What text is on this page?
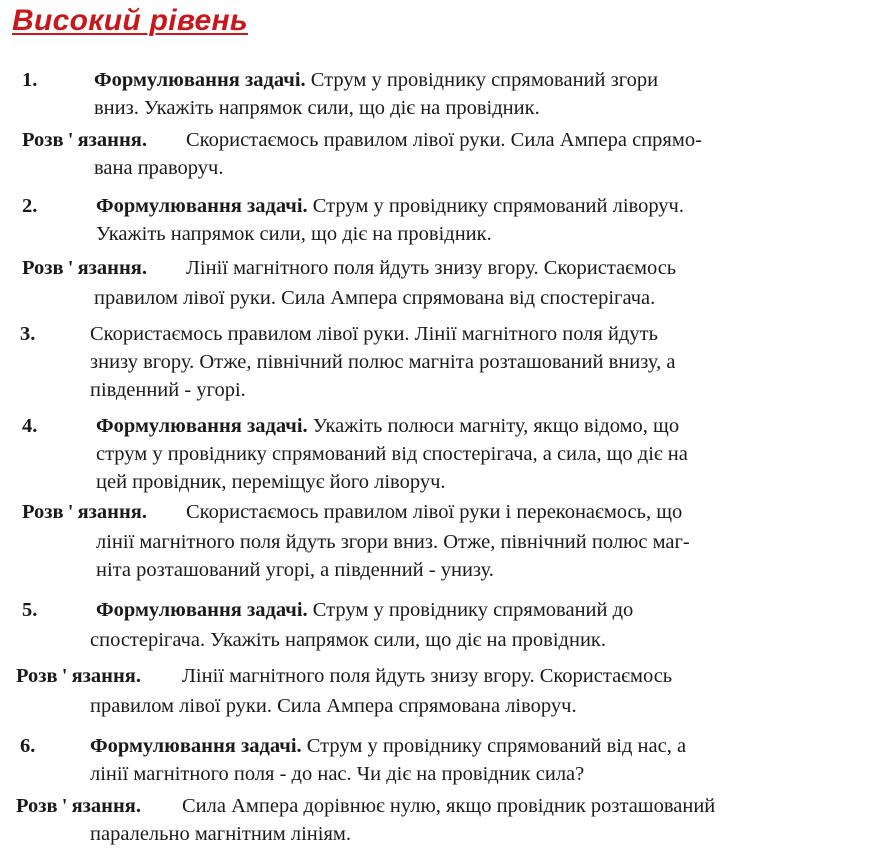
Високий рівень
1.	Формулювання задачі. Струм у провіднику спрямований згори
вниз. Укажіть напрямок сили, що діє на провідник.
Розв ' язання. Скористаємось правилом лівої руки. Сила Ампера спрямо-
вана праворуч.
2.	Формулювання задачі. Струм у провіднику спрямований ліворуч.
Укажіть напрямок сили, що діє на провідник.
Розв ' язання. Лінії магнітного поля йдуть знизу вгору. Скористаємось
правилом лівої руки. Сила Ампера спрямована від спостерігача.
3.	Скористаємось правилом лівої руки. Лінії магнітного поля йдуть
знизу вгору. Отже, північний полюс магніта розташований внизу, а
південний - угорі.
4.	Формулювання задачі. Укажіть полюси магніту, якщо відомо, що
струм у провіднику спрямований від спостерігача, а сила, що діє на
цей провідник, переміщує його ліворуч.
Розв ' язання. Скористаємось правилом лівої руки і переконаємось, що
лінії магнітного поля йдуть згори вниз. Отже, північний полюс маг-
ніта розташований угорі, а південний - унизу.
5.	Формулювання задачі. Струм у провіднику спрямований до
спостерігача. Укажіть напрямок сили, що діє на провідник.
Розв ' язання. Лінії магнітного поля йдуть знизу вгору. Скористаємось
правилом лівої руки. Сила Ампера спрямована ліворуч.
6.	Формулювання задачі. Струм у провіднику спрямований від нас, а
лінії магнітного поля - до нас. Чи діє на провідник сила?
Розв ' язання. Сила Ампера дорівнює нулю, якщо провідник розташований
паралельно магнітним лініям.
